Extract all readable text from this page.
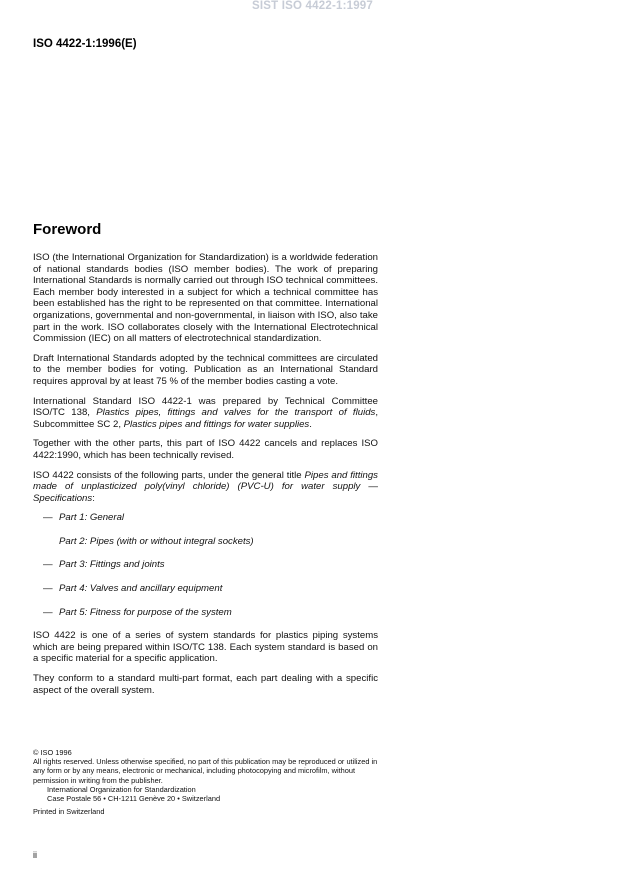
SIST ISO 4422-1:1997
ISO 4422-1:1996(E)
Foreword

ISO (the International Organization for Standardization) is a worldwide federation of national standards bodies (ISO member bodies). The work of preparing International Standards is normally carried out through ISO technical committees. Each member body interested in a subject for which a technical committee has been established has the right to be represented on that committee. International organizations, governmental and non-governmental, in liaison with ISO, also take part in the work. ISO collaborates closely with the International Electrotechnical Commission (IEC) on all matters of electrotechnical standardization.

Draft International Standards adopted by the technical committees are circulated to the member bodies for voting. Publication as an International Standard requires approval by at least 75 % of the member bodies casting a vote.

International Standard ISO 4422-1 was prepared by Technical Committee ISO/TC 138, Plastics pipes, fittings and valves for the transport of fluids, Subcommittee SC 2, Plastics pipes and fittings for water supplies.

Together with the other parts, this part of ISO 4422 cancels and replaces ISO 4422:1990, which has been technically revised.

ISO 4422 consists of the following parts, under the general title Pipes and fittings made of unplasticized poly(vinyl chloride) (PVC-U) for water supply — Specifications:

— Part 1: General
Part 2: Pipes (with or without integral sockets)
— Part 3: Fittings and joints
— Part 4: Valves and ancillary equipment
— Part 5: Fitness for purpose of the system

ISO 4422 is one of a series of system standards for plastics piping systems which are being prepared within ISO/TC 138. Each system standard is based on a specific material for a specific application.

They conform to a standard multi-part format, each part dealing with a specific aspect of the overall system.

© ISO 1996
All rights reserved. Unless otherwise specified, no part of this publication may be reproduced or utilized in any form or by any means, electronic or mechanical, including photocopying and microfilm, without permission in writing from the publisher.
International Organization for Standardization
Case Postale 56 • CH-1211 Genève 20 • Switzerland
Printed in Switzerland
ii
